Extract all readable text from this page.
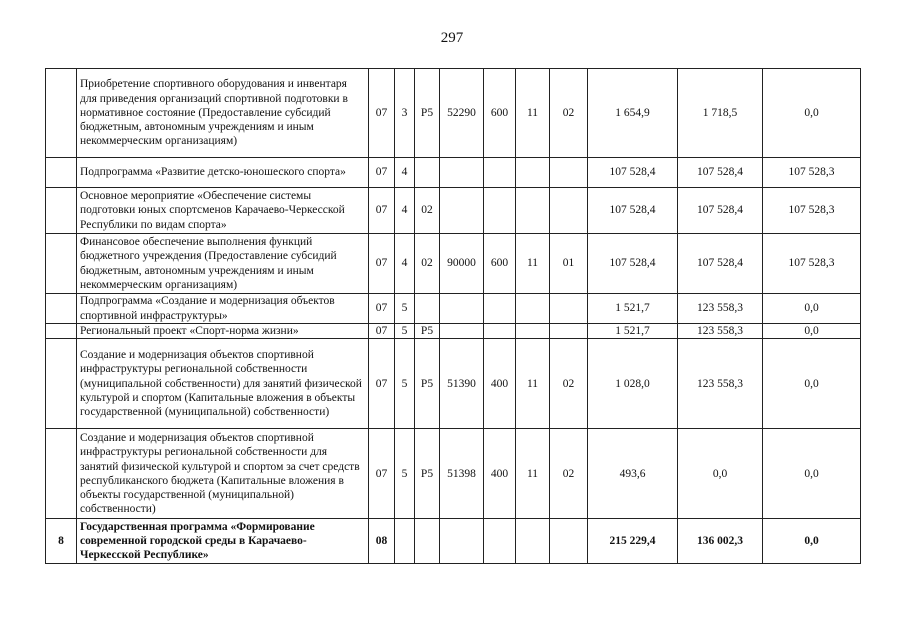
297
	Приобретение спортивного оборудования и инвентаря для приведения организаций спортивной подготовки в нормативное состояние (Предоставление субсидий бюджетным, автономным учреждениям и иным некоммерческим организациям)	07	3	P5	52290	600	11	02	1 654,9	1 718,5	0,0
	Подпрограмма «Развитие детско-юношеского спорта»	07	4						107 528,4	107 528,4	107 528,3
	Основное мероприятие «Обеспечение системы подготовки юных спортсменов Карачаево-Черкесской Республики по видам спорта»	07	4	02					107 528,4	107 528,4	107 528,3
	Финансовое обеспечение выполнения функций бюджетного учреждения (Предоставление субсидий бюджетным, автономным учреждениям и иным некоммерческим организациям)	07	4	02	90000	600	11	01	107 528,4	107 528,4	107 528,3
	Подпрограмма «Создание и модернизация объектов спортивной инфраструктуры»	07	5						1 521,7	123 558,3	0,0
	Региональный проект «Спорт-норма жизни»	07	5	P5					1 521,7	123 558,3	0,0
	Создание и модернизация объектов спортивной инфраструктуры региональной собственности (муниципальной собственности) для занятий физической культурой и спортом (Капитальные вложения в объекты государственной (муниципальной) собственности)	07	5	P5	51390	400	11	02	1 028,0	123 558,3	0,0
	Создание и модернизация объектов спортивной инфраструктуры региональной собственности для занятий физической культурой и спортом за счет средств республиканского бюджета (Капитальные вложения в объекты государственной (муниципальной) собственности)	07	5	P5	51398	400	11	02	493,6	0,0	0,0
8	Государственная программа «Формирование современной городской среды в Карачаево-Черкесской Республике»	08							215 229,4	136 002,3	0,0
